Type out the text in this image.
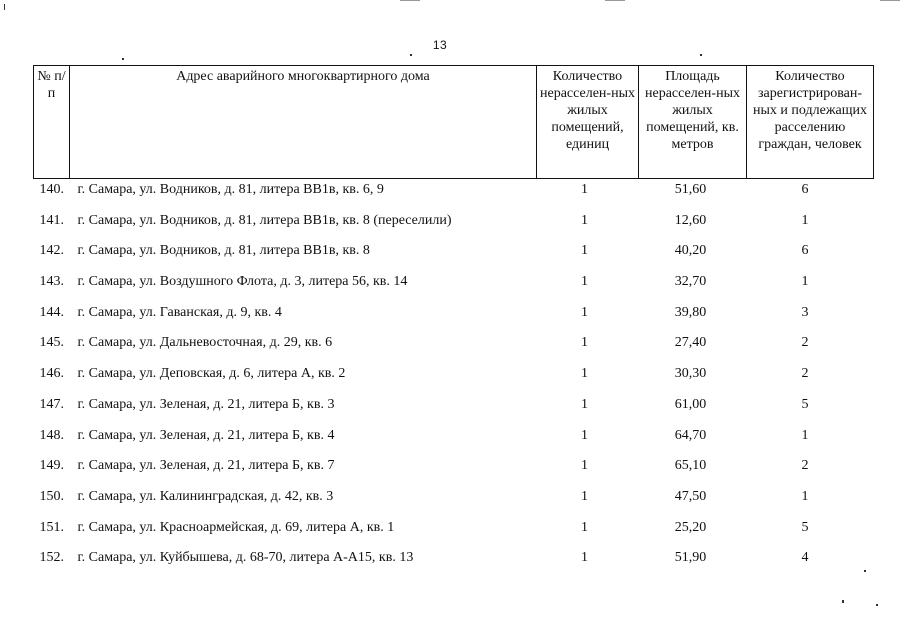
13
№ п/п	Адрес аварийного многоквартирного дома	Количество нерасселен-ных жилых помещений, единиц	Площадь нерасселен-ных жилых помещений, кв. метров	Количество зарегистрирован-ных и подлежащих расселению граждан, человек
140.	г. Самара, ул. Водников, д. 81, литера ВВ1в, кв. 6, 9	1	51,60	6
141.	г. Самара, ул. Водников, д. 81, литера ВВ1в, кв. 8 (переселили)	1	12,60	1
142.	г. Самара, ул. Водников, д. 81, литера ВВ1в, кв. 8	1	40,20	6
143.	г. Самара, ул. Воздушного Флота, д. 3, литера 56, кв. 14	1	32,70	1
144.	г. Самара, ул. Гаванская, д. 9, кв. 4	1	39,80	3
145.	г. Самара, ул. Дальневосточная, д. 29, кв. 6	1	27,40	2
146.	г. Самара, ул. Деповская, д. 6, литера А, кв. 2	1	30,30	2
147.	г. Самара, ул. Зеленая, д. 21, литера Б, кв. 3	1	61,00	5
148.	г. Самара, ул. Зеленая, д. 21, литера Б, кв. 4	1	64,70	1
149.	г. Самара, ул. Зеленая, д. 21, литера Б, кв. 7	1	65,10	2
150.	г. Самара, ул. Калининградская, д. 42, кв. 3	1	47,50	1
151.	г. Самара, ул. Красноармейская, д. 69, литера А, кв. 1	1	25,20	5
152.	г. Самара, ул. Куйбышева, д. 68-70, литера А-А15, кв. 13	1	51,90	4
